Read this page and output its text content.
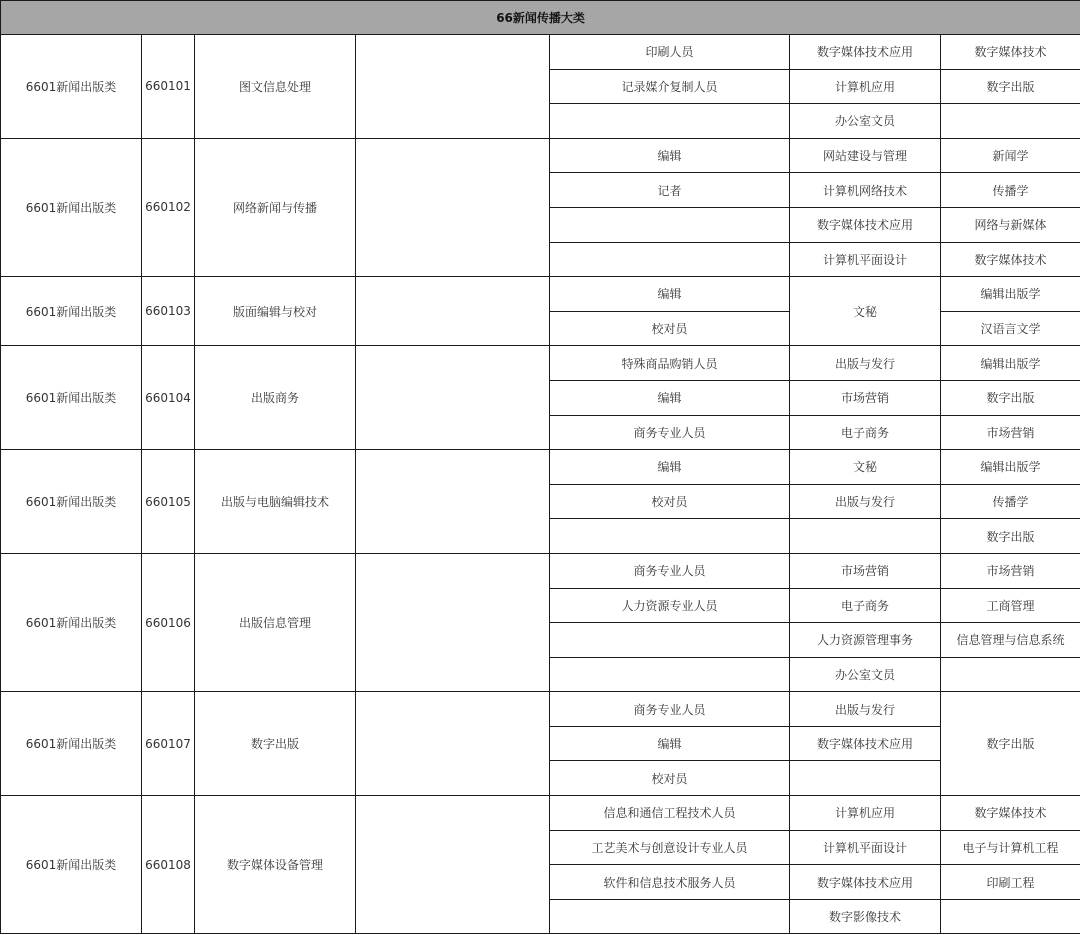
66新闻传播大类						
6601新闻出版类	660101	图文信息处理		印刷人员	数字媒体技术应用	数字媒体技术
				记录媒介复制人员	计算机应用	数字出版
					办公室文员	
6601新闻出版类	660102	网络新闻与传播		编辑	网站建设与管理	新闻学
				记者	计算机网络技术	传播学
					数字媒体技术应用	网络与新媒体
					计算机平面设计	数字媒体技术
6601新闻出版类	660103	版面编辑与校对		编辑	文秘	编辑出版学
				校对员		汉语言文学
6601新闻出版类	660104	出版商务		特殊商品购销人员	出版与发行	编辑出版学
				编辑	市场营销	数字出版
				商务专业人员	电子商务	市场营销
6601新闻出版类	660105	出版与电脑编辑技术		编辑	文秘	编辑出版学
				校对员	出版与发行	传播学
						数字出版
6601新闻出版类	660106	出版信息管理		商务专业人员	市场营销	市场营销
				人力资源专业人员	电子商务	工商管理
					人力资源管理事务	信息管理与信息系统
					办公室文员	
6601新闻出版类	660107	数字出版		商务专业人员	出版与发行	数字出版
				编辑	数字媒体技术应用	
				校对员		
6601新闻出版类	660108	数字媒体设备管理		信息和通信工程技术人员	计算机应用	数字媒体技术
				工艺美术与创意设计专业人员	计算机平面设计	电子与计算机工程
				软件和信息技术服务人员	数字媒体技术应用	印刷工程
					数字影像技术	
